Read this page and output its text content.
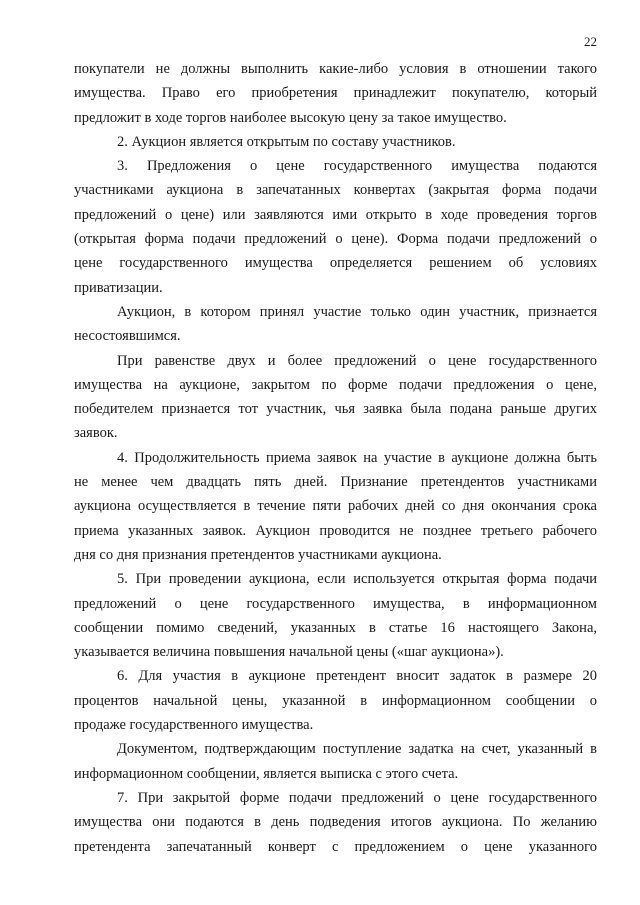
22
покупатели не должны выполнить какие-либо условия в отношении такого
имущества. Право его приобретения принадлежит покупателю, который
предложит в ходе торгов наиболее высокую цену за такое имущество.
2. Аукцион является открытым по составу участников.
3. Предложения о цене государственного имущества подаются
участниками аукциона в запечатанных конвертах (закрытая форма подачи
предложений о цене) или заявляются ими открыто в ходе проведения торгов
(открытая форма подачи предложений о цене). Форма подачи предложений о
цене государственного имущества определяется решением об условиях
приватизации.
Аукцион, в котором принял участие только один участник, признается
несостоявшимся.
При равенстве двух и более предложений о цене государственного
имущества на аукционе, закрытом по форме подачи предложения о цене,
победителем признается тот участник, чья заявка была подана раньше других
заявок.
4. Продолжительность приема заявок на участие в аукционе должна быть
не менее чем двадцать пять дней. Признание претендентов участниками
аукциона осуществляется в течение пяти рабочих дней со дня окончания срока
приема указанных заявок. Аукцион проводится не позднее третьего рабочего
дня со дня признания претендентов участниками аукциона.
5. При проведении аукциона, если используется открытая форма подачи
предложений о цене государственного имущества, в информационном
сообщении помимо сведений, указанных в статье 16 настоящего Закона,
указывается величина повышения начальной цены («шаг аукциона»).
6. Для участия в аукционе претендент вносит задаток в размере 20
процентов начальной цены, указанной в информационном сообщении о
продаже государственного имущества.
Документом, подтверждающим поступление задатка на счет, указанный в
информационном сообщении, является выписка с этого счета.
7. При закрытой форме подачи предложений о цене государственного
имущества они подаются в день подведения итогов аукциона. По желанию
претендента запечатанный конверт с предложением о цене указанного
